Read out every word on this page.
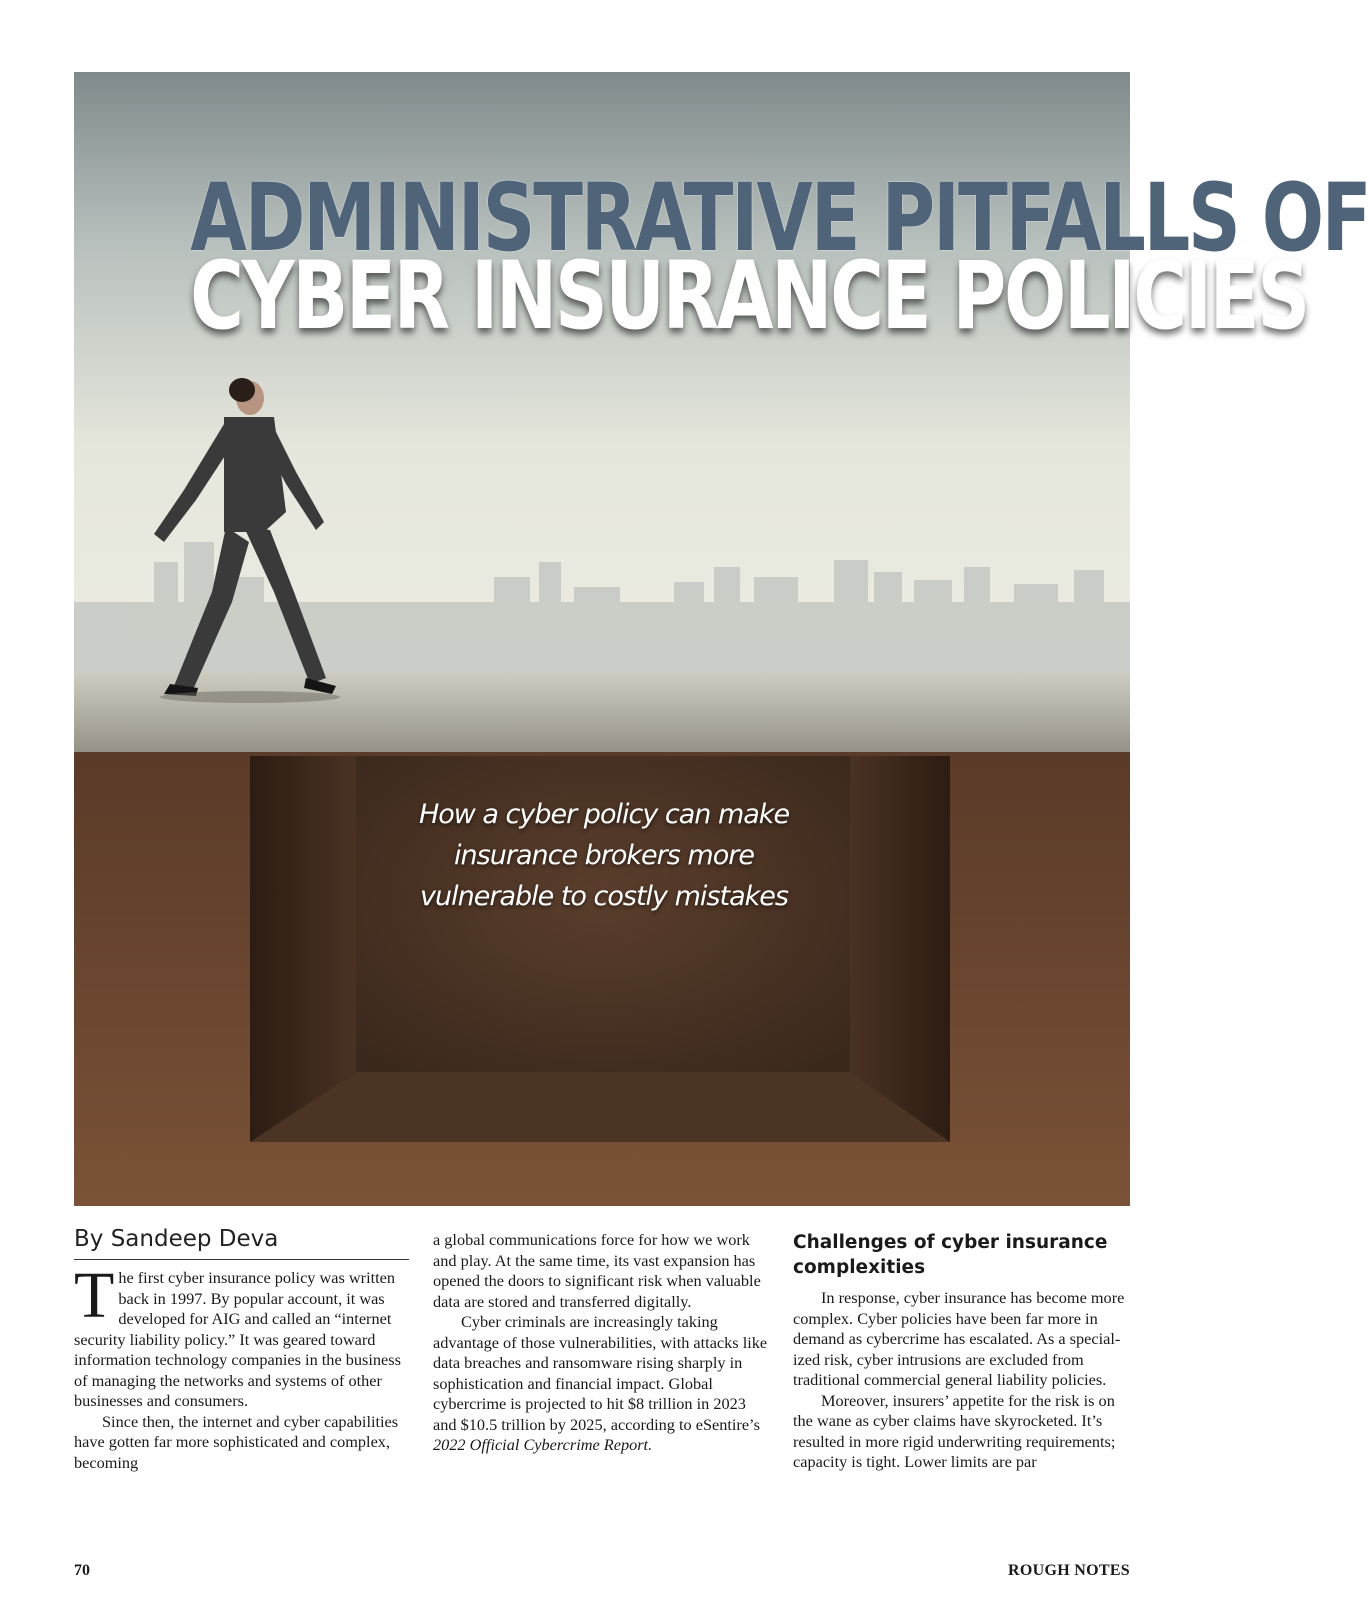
ADMINISTRATIVE PITFALLS OF
CYBER INSURANCE POLICIES

How a cyber policy can make insurance brokers more vulnerable to costly mistakes

By Sandeep Deva

The first cyber insurance policy was written back in 1997. By popular account, it was developed for AIG and called an “internet security liability policy.” It was geared toward information technology companies in the business of managing the networks and systems of other businesses and consumers.

Since then, the internet and cyber capabilities have gotten far more sophisticated and complex, becoming

a global communications force for how we work and play. At the same time, its vast expansion has opened the doors to significant risk when valuable data are stored and transferred digitally.

Cyber criminals are increasingly taking advantage of those vulnerabilities, with attacks like data breaches and ransomware rising sharply in sophistication and financial impact. Global cybercrime is projected to hit $8 trillion in 2023 and $10.5 trillion by 2025, according to eSentire’s 2022 Official Cybercrime Report.

Challenges of cyber insurance complexities

In response, cyber insurance has become more complex. Cyber policies have been far more in demand as cybercrime has escalated. As a specialized risk, cyber intrusions are excluded from traditional commercial general liability policies.

Moreover, insurers’ appetite for the risk is on the wane as cyber claims have skyrocketed. It’s resulted in more rigid underwriting requirements; capacity is tight. Lower limits are par

70	ROUGH NOTES
